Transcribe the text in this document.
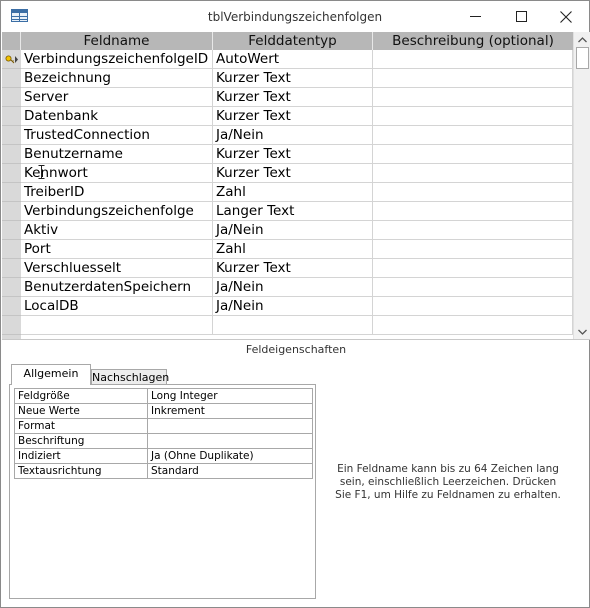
tblVerbindungszeichenfolgen
Feldname	Felddatentyp	Beschreibung (optional)
VerbindungszeichenfolgeID AutoWert
Bezeichnung	Kurzer Text
Server	Kurzer Text
Datenbank	Kurzer Text
TrustedConnection	Ja/Nein
Benutzername	Kurzer Text
Kennwort	Kurzer Text
TreiberID	Zahl
Verbindungszeichenfolge	Langer Text
Aktiv	Ja/Nein
Port	Zahl
Verschluesselt	Kurzer Text
BenutzerdatenSpeichern	Ja/Nein
LocalDB	Ja/Nein
Feldeigenschaften
Allgemein	Nachschlagen
Feldgröße	Long Integer
Neue Werte	Inkrement
Format	
Beschriftung	
Indiziert	Ja (Ohne Duplikate)
Textausrichtung	Standard	Ein Feldname kann bis zu 64 Zeichen lang sein, einschließlich Leerzeichen. Drücken Sie F1, um Hilfe zu Feldnamen zu erhalten.
